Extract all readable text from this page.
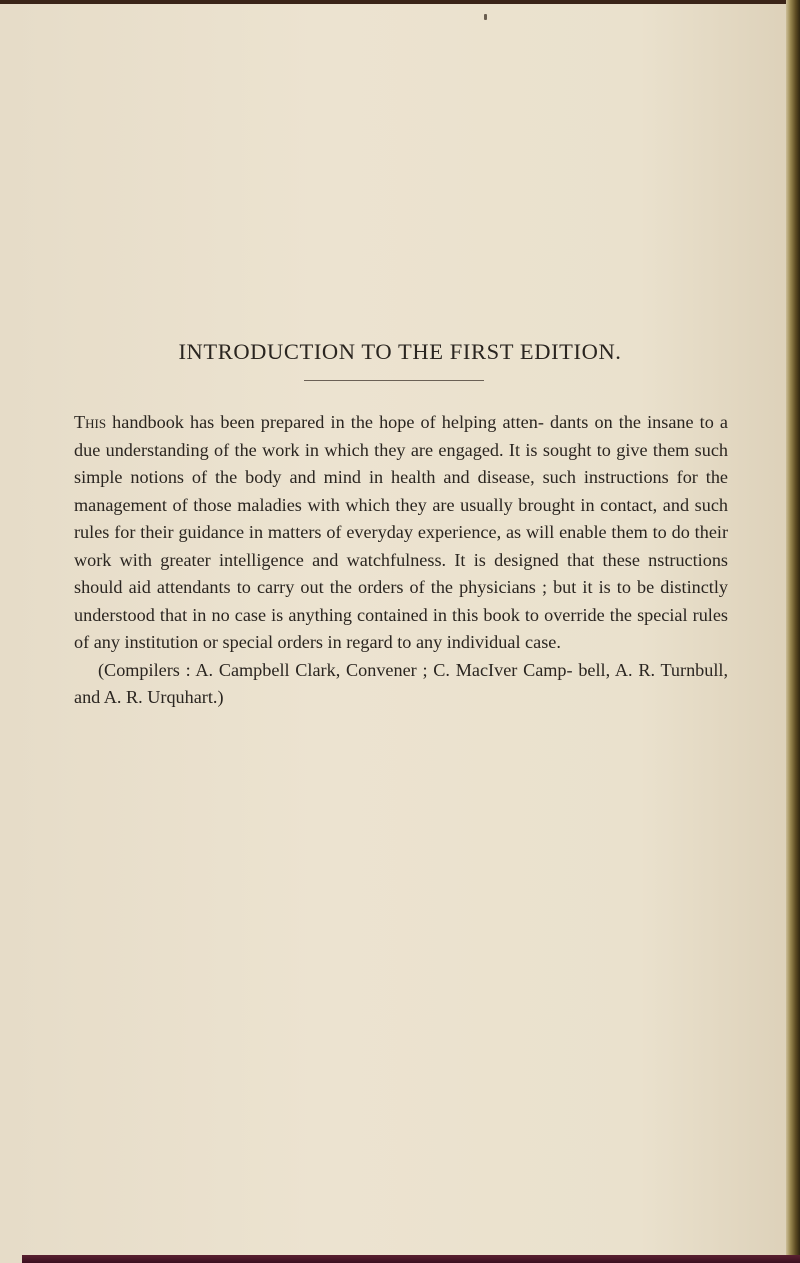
INTRODUCTION TO THE FIRST EDITION.

This handbook has been prepared in the hope of helping atten- dants on the insane to a due understanding of the work in which they are engaged. It is sought to give them such simple notions of the body and mind in health and disease, such instructions for the management of those maladies with which they are usually brought in contact, and such rules for their guidance in matters of everyday experience, as will enable them to do their work with greater intelligence and watchfulness. It is designed that these nstructions should aid attendants to carry out the orders of the physicians ; but it is to be distinctly understood that in no case is anything contained in this book to override the special rules of any institution or special orders in regard to any individual case.

(Compilers : A. Campbell Clark, Convener ; C. MacIver Camp- bell, A. R. Turnbull, and A. R. Urquhart.)
